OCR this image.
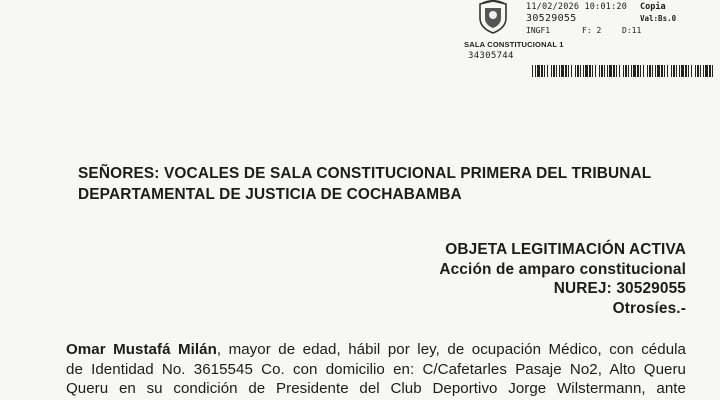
11/02/2026 10:01:20 Copia
30529055	Val:Bs.0
INGF1	F: 2	D:11
SALA CONSTITUCIONAL 1
34305744
SEÑORES: VOCALES DE SALA CONSTITUCIONAL PRIMERA DEL TRIBUNAL
DEPARTAMENTAL DE JUSTICIA DE COCHABAMBA
OBJETA LEGITIMACIÓN ACTIVA
Acción de amparo constitucional
NUREJ: 30529055
Otrosíes.-
Omar Mustafá Milán, mayor de edad, hábil por ley, de ocupación Médico, con cédula
de Identidad No. 3615545 Co. con domicilio en: C/Cafetarles Pasaje No2, Alto Queru
Queru en su condición de Presidente del Club Deportivo Jorge Wilstermann, ante
